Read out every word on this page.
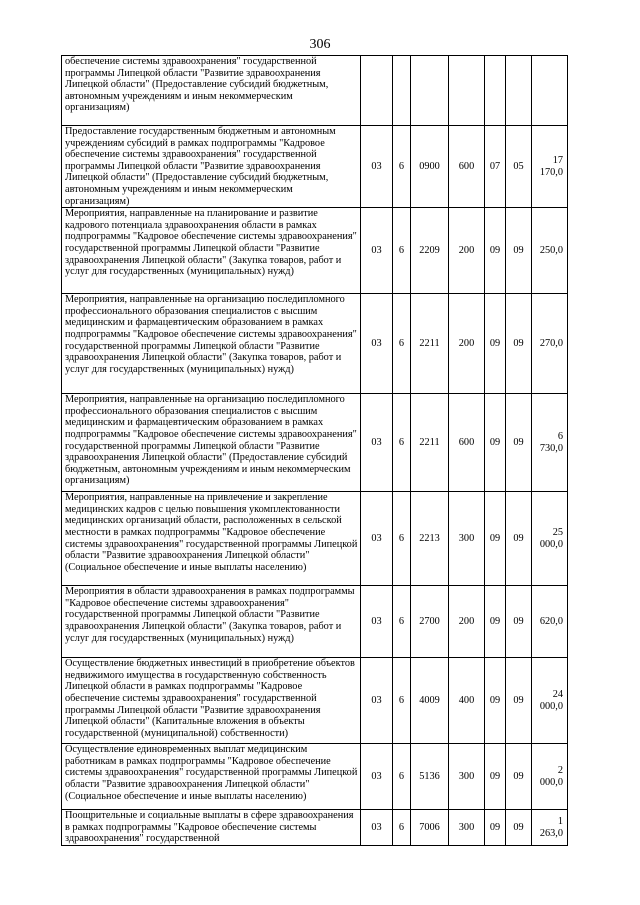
306
обеспечение системы здравоохранения" государственной программы Липецкой области "Развитие здравоохранения Липецкой области" (Предоставление субсидий бюджетным, автономным учреждениям и иным некоммерческим организациям)							
Предоставление государственным бюджетным и автономным учреждениям субсидий в рамках подпрограммы "Кадровое обеспечение системы здравоохранения" государственной программы Липецкой области "Развитие здравоохранения Липецкой области" (Предоставление субсидий бюджетным, автономным учреждениям и иным некоммерческим организациям)	03	6	0900	600	07	05	17 170,0
Мероприятия, направленные на планирование и развитие кадрового потенциала здравоохранения области в рамках подпрограммы "Кадровое обеспечение системы здравоохранения" государственной программы Липецкой области "Развитие здравоохранения Липецкой области" (Закупка товаров, работ и услуг для государственных (муниципальных) нужд)	03	6	2209	200	09	09	250,0
Мероприятия, направленные на организацию последипломного профессионального образования специалистов с высшим медицинским и фармацевтическим образованием в рамках подпрограммы "Кадровое обеспечение системы здравоохранения" государственной программы Липецкой области "Развитие здравоохранения Липецкой области" (Закупка товаров, работ и услуг для государственных (муниципальных) нужд)	03	6	2211	200	09	09	270,0
Мероприятия, направленные на организацию последипломного профессионального образования специалистов с высшим медицинским и фармацевтическим образованием в рамках подпрограммы "Кадровое обеспечение системы здравоохранения" государственной программы Липецкой области "Развитие здравоохранения Липецкой области" (Предоставление субсидий бюджетным, автономным учреждениям и иным некоммерческим организациям)	03	6	2211	600	09	09	6 730,0
Мероприятия, направленные на привлечение и закрепление медицинских кадров с целью повышения укомплектованности медицинских организаций области, расположенных в сельской местности в рамках подпрограммы "Кадровое обеспечение системы здравоохранения" государственной программы Липецкой области "Развитие здравоохранения Липецкой области" (Социальное обеспечение и иные выплаты населению)	03	6	2213	300	09	09	25 000,0
Мероприятия в области здравоохранения в рамках подпрограммы "Кадровое обеспечение системы здравоохранения" государственной программы Липецкой области "Развитие здравоохранения Липецкой области" (Закупка товаров, работ и услуг для государственных (муниципальных) нужд)	03	6	2700	200	09	09	620,0
Осуществление бюджетных инвестиций в приобретение объектов недвижимого имущества в государственную собственность Липецкой области в рамках подпрограммы "Кадровое обеспечение системы здравоохранения" государственной программы Липецкой области "Развитие здравоохранения Липецкой области" (Капитальные вложения в объекты государственной (муниципальной) собственности)	03	6	4009	400	09	09	24 000,0
Осуществление единовременных выплат медицинским работникам в рамках подпрограммы "Кадровое обеспечение системы здравоохранения" государственной программы Липецкой области "Развитие здравоохранения Липецкой области" (Социальное обеспечение и иные выплаты населению)	03	6	5136	300	09	09	2 000,0
Поощрительные и социальные выплаты в сфере здравоохранения в рамках подпрограммы "Кадровое обеспечение системы здравоохранения" государственной	03	6	7006	300	09	09	1 263,0
